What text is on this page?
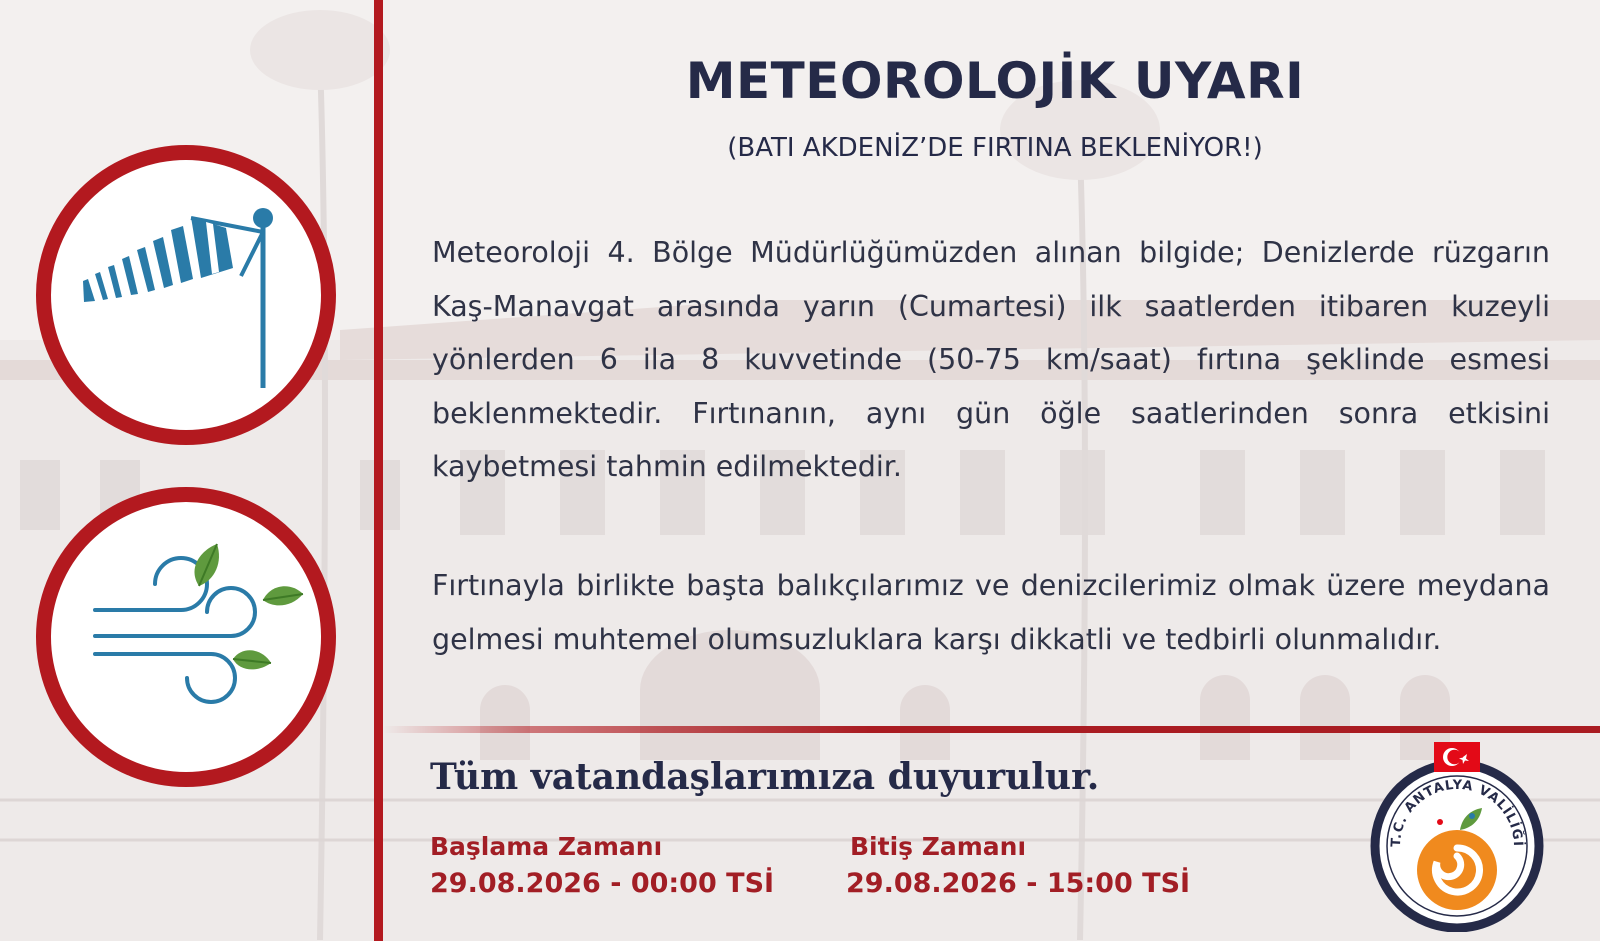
METEOROLOJİK UYARI
(BATI AKDENİZ’DE FIRTINA BEKLENİYOR!)

Meteoroloji 4. Bölge Müdürlüğümüzden alınan bilgide; Denizlerde rüzgarın Kaş-Manavgat arasında yarın (Cumartesi) ilk saatlerden itibaren kuzeyli yönlerden 6 ila 8 kuvvetinde (50-75 km/saat) fırtına şeklinde esmesi beklenmektedir. Fırtınanın, aynı gün öğle saatlerinden sonra etkisini kaybetmesi tahmin edilmektedir.

Fırtınayla birlikte başta balıkçılarımız ve denizcilerimiz olmak üzere meydana gelmesi muhtemel olumsuzluklara karşı dikkatli ve tedbirli olunmalıdır.

Tüm vatandaşlarımıza duyurulur.

Başlama Zamanı
29.08.2026 - 00:00 TSİ
Bitiş Zamanı
29.08.2026 - 15:00 TSİ
T.C. ANTALYA VALİLİĞİ
